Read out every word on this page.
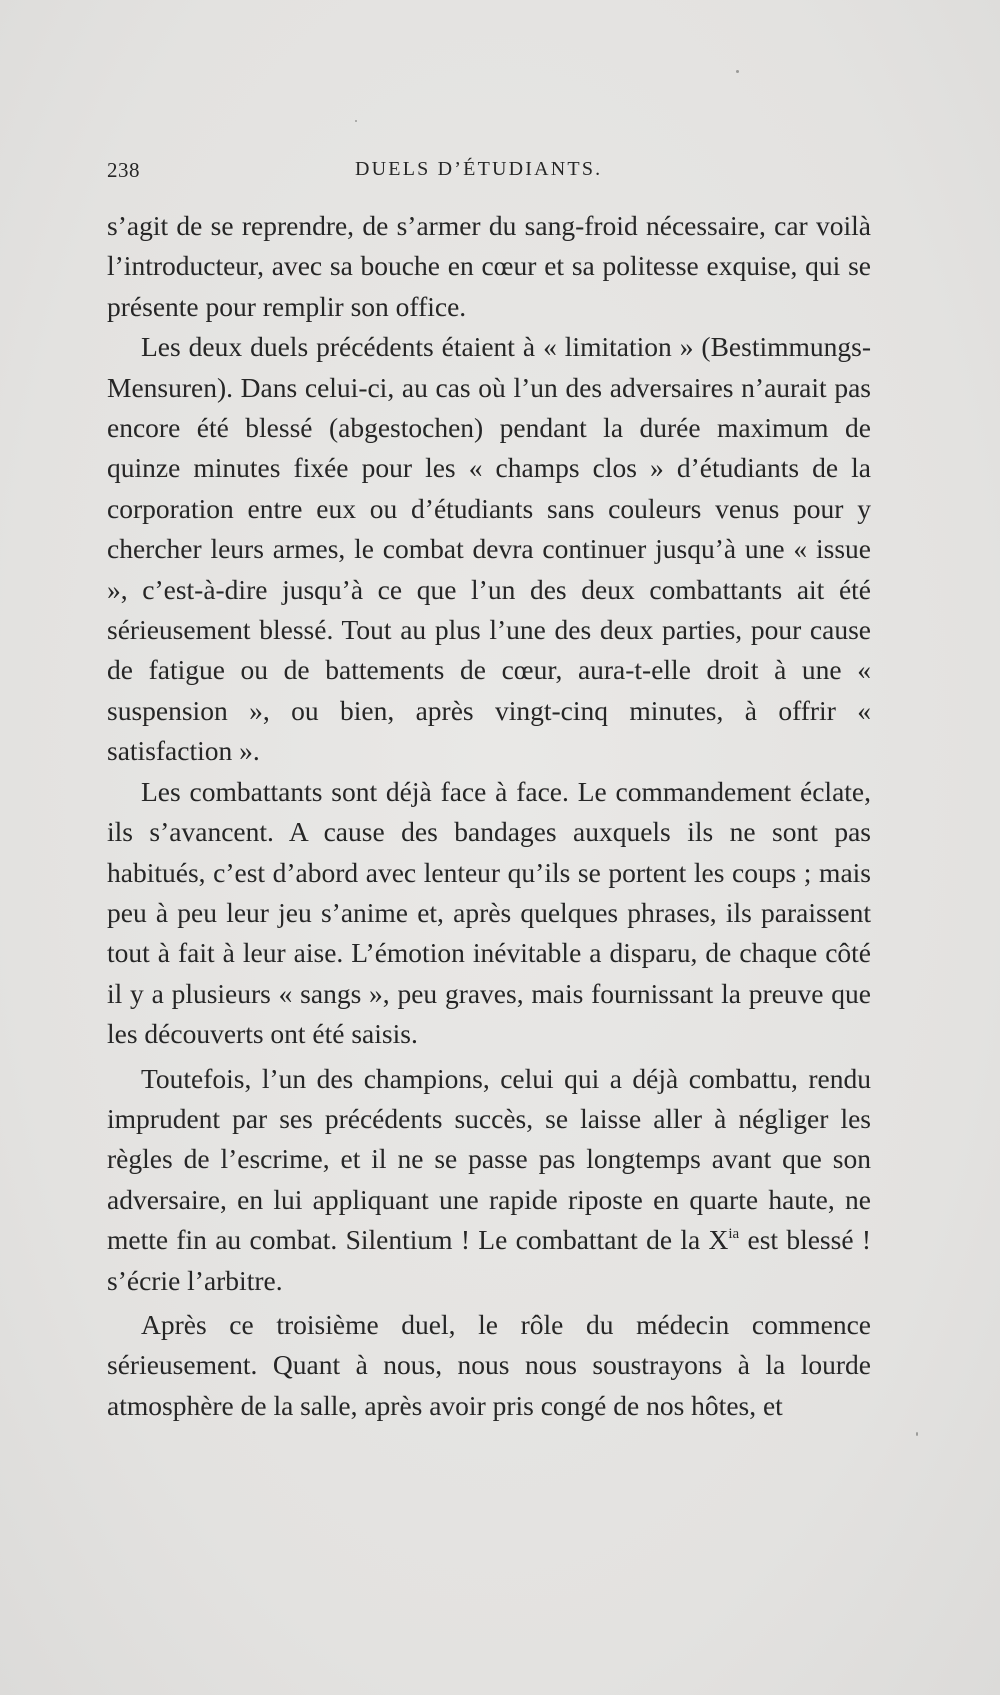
238	DUELS D’ÉTUDIANTS.

s’agit de se reprendre, de s’armer du sang-froid nécessaire, car voilà l’introducteur, avec sa bouche en cœur et sa politesse exquise, qui se présente pour remplir son office.

Les deux duels précédents étaient à « limitation » (Bestimmungs-Mensuren). Dans celui-ci, au cas où l’un des adversaires n’aurait pas encore été blessé (abgestochen) pendant la durée maximum de quinze minutes fixée pour les « champs clos » d’étudiants de la corporation entre eux ou d’étudiants sans couleurs venus pour y chercher leurs armes, le combat devra continuer jusqu’à une « issue », c’est-à-dire jusqu’à ce que l’un des deux combattants ait été sérieusement blessé. Tout au plus l’une des deux parties, pour cause de fatigue ou de battements de cœur, aura-t-elle droit à une « suspension », ou bien, après vingt-cinq minutes, à offrir « satisfaction ».

Les combattants sont déjà face à face. Le commandement éclate, ils s’avancent. A cause des bandages auxquels ils ne sont pas habitués, c’est d’abord avec lenteur qu’ils se portent les coups ; mais peu à peu leur jeu s’anime et, après quelques phrases, ils paraissent tout à fait à leur aise. L’émotion inévitable a disparu, de chaque côté il y a plusieurs « sangs », peu graves, mais fournissant la preuve que les découverts ont été saisis.

Toutefois, l’un des champions, celui qui a déjà combattu, rendu imprudent par ses précédents succès, se laisse aller à négliger les règles de l’escrime, et il ne se passe pas longtemps avant que son adversaire, en lui appliquant une rapide riposte en quarte haute, ne mette fin au combat. Silentium ! Le combattant de la $X^{ia}$ est blessé ! s’écrie l’arbitre.

Après ce troisième duel, le rôle du médecin commence sérieusement. Quant à nous, nous nous soustrayons à la lourde atmosphère de la salle, après avoir pris congé de nos hôtes, et
